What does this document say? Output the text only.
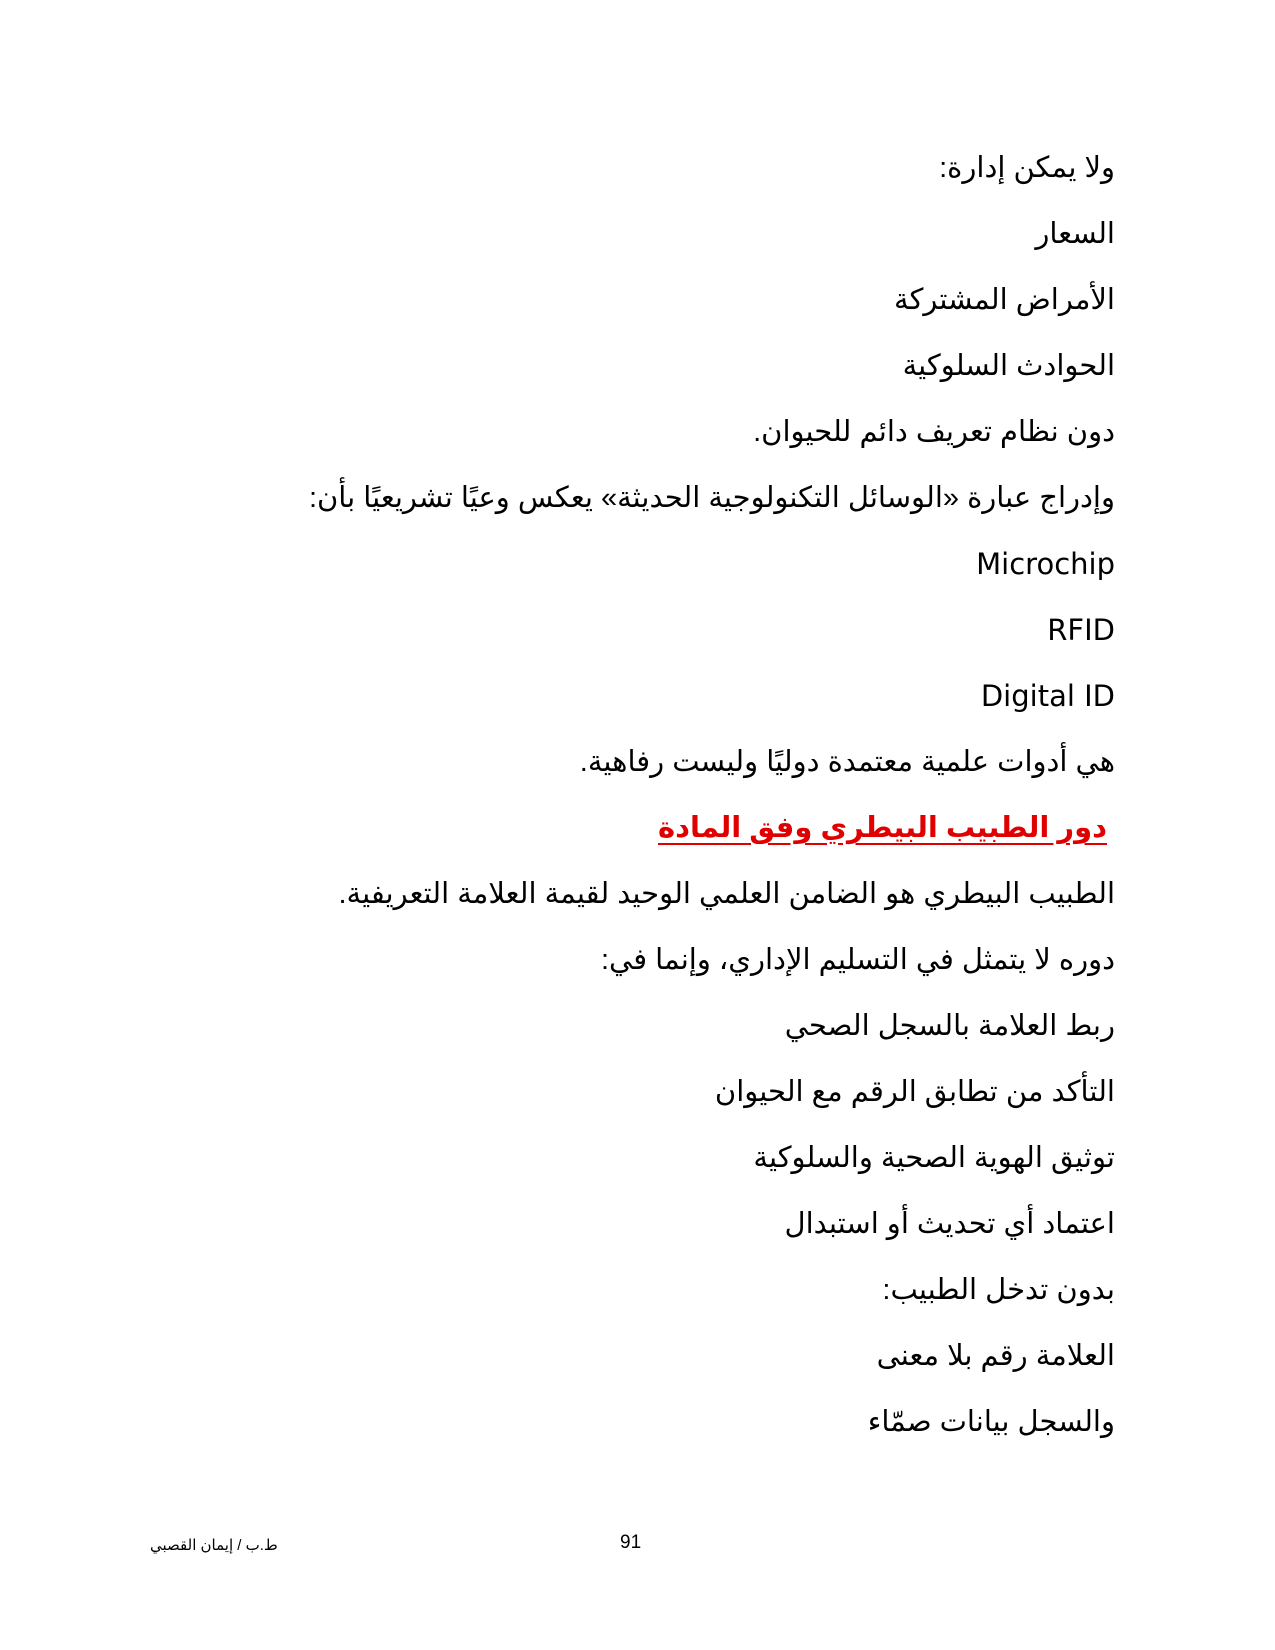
ولا يمكن إدارة:
السعار
الأمراض المشتركة
الحوادث السلوكية
دون نظام تعريف دائم للحيوان.
وإدراج عبارة «الوسائل التكنولوجية الحديثة» يعكس وعيًا تشريعيًا بأن:
Microchip
RFID
Digital ID
هي أدوات علمية معتمدة دوليًا وليست رفاهية.
دور الطبيب البيطري وفق المادة
الطبيب البيطري هو الضامن العلمي الوحيد لقيمة العلامة التعريفية.
دوره لا يتمثل في التسليم الإداري، وإنما في:
ربط العلامة بالسجل الصحي
التأكد من تطابق الرقم مع الحيوان
توثيق الهوية الصحية والسلوكية
اعتماد أي تحديث أو استبدال
بدون تدخل الطبيب:
العلامة رقم بلا معنى
والسجل بيانات صمّاء
ط.ب / إيمان القصبي	91
